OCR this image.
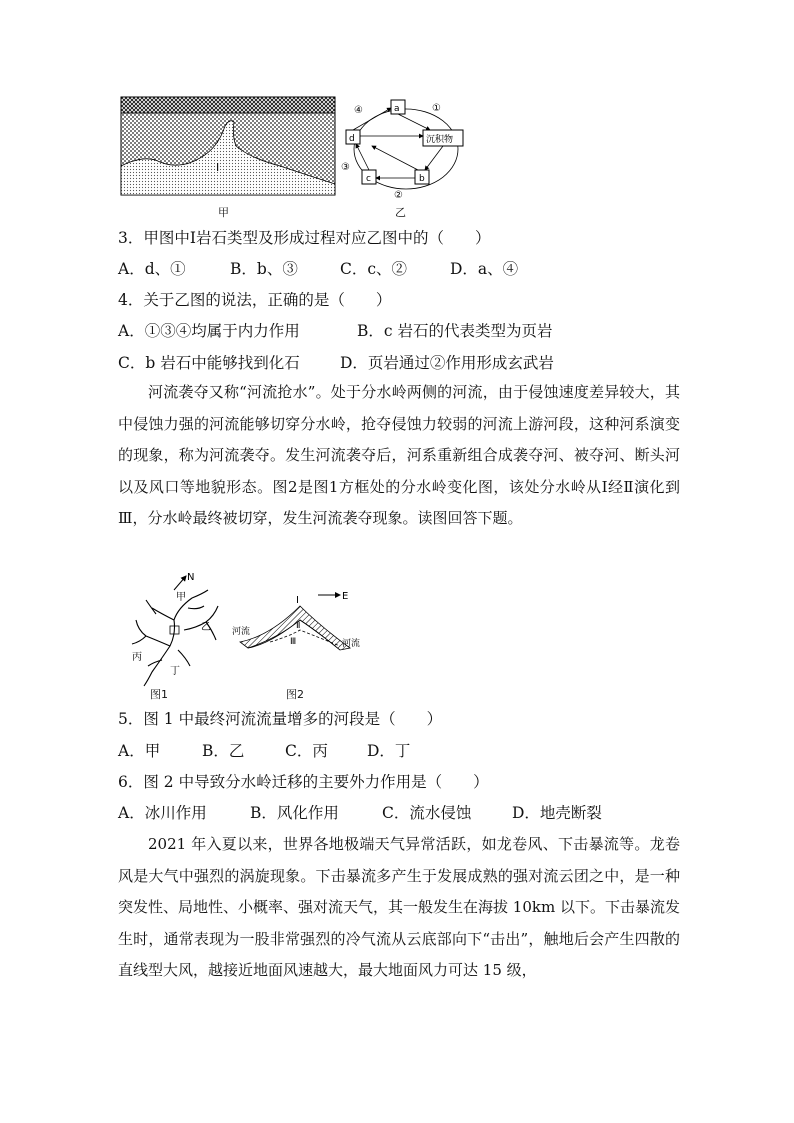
Ⅰ
甲
a
d	沉积物
c	b
①
②
③
④
乙
3．甲图中Ⅰ岩石类型及形成过程对应乙图中的（　　）
A．d、①	B．b、③	C．c、②	D．a、④
4．关于乙图的说法，正确的是（　　）
A．①③④均属于内力作用	B．c 岩石的代表类型为页岩
C．b 岩石中能够找到化石	D．页岩通过②作用形成玄武岩
河流袭夺又称“河流抢水”。处于分水岭两侧的河流，由于侵蚀速度差异较大，其中侵蚀力强的河流能够切穿分水岭，抢夺侵蚀力较弱的河流上游河段，这种河系演变的现象，称为河流袭夺。发生河流袭夺后，河系重新组合成袭夺河、被夺河、断头河以及风口等地貌形态。图2是图1方框处的分水岭变化图，该处分水岭从Ⅰ经Ⅱ演化到Ⅲ，分水岭最终被切穿，发生河流袭夺现象。读图回答下题。
N
甲
乙
丙
丁
图1
E
Ⅰ
Ⅱ
Ⅲ
河流
河流
图2
5．图 1 中最终河流流量增多的河段是（　　）
A．甲	B．乙	C．丙	D．丁
6．图 2 中导致分水岭迁移的主要外力作用是（　　）
A．冰川作用	B．风化作用	C．流水侵蚀	D．地壳断裂
2021 年入夏以来，世界各地极端天气异常活跃，如龙卷风、下击暴流等。龙卷风是大气中强烈的涡旋现象。下击暴流多产生于发展成熟的强对流云团之中，是一种突发性、局地性、小概率、强对流天气，其一般发生在海拔 10km 以下。下击暴流发生时，通常表现为一股非常强烈的冷气流从云底部向下“击出”，触地后会产生四散的直线型大风，越接近地面风速越大，最大地面风力可达 15 级，
